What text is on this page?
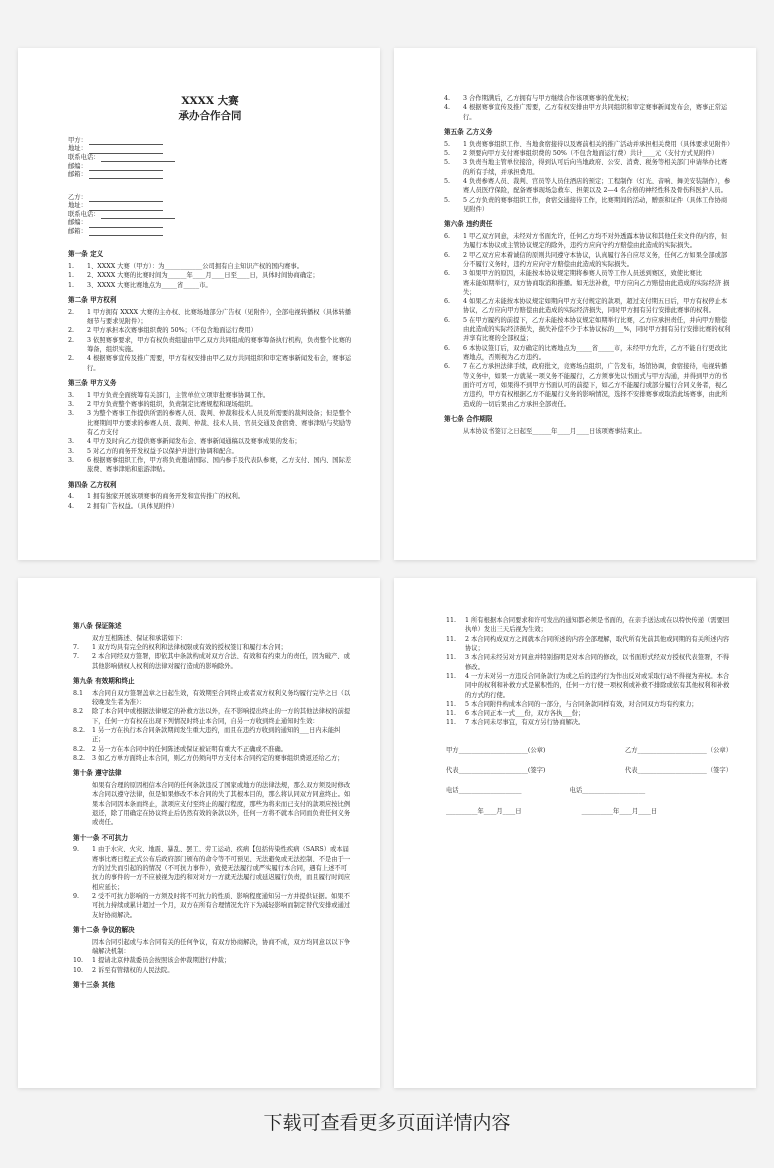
XXXX 大赛
承办合作合同
甲方：
地址：
联系电话：
邮编：
邮箱：
乙方：
地址：
联系电话：
邮编：
邮箱：
第一条 定义
1.	1、XXXX 大赛（甲方）：为____________公司拥有自主知识产权的国内赛事。
1.	2、XXXX 大赛的比赛时间为______年____月____日至____日，具体时间协商确定；
1.	3、XXXX 大赛比赛地点为_____省_____市。
第二条 甲方权利
2.	1 甲方拥有 XXXX 大赛的主办权、比赛场地部分广告权（见附件），全部电视转播权（具体转播细节与要求见附件）；
2.	2 甲方承担本次赛事组织费的 50%；（不包含地面运行费用）
2.	3 依照赛事要求，甲方有权负责组建由甲乙双方共同组成的赛事筹备执行机构，负责整个比赛的筹备，组织实施。
2.	4 根据赛事宣传及推广需要，甲方有权安排由甲乙双方共同组织和审定赛事新闻发布会，赛事运行。
第三条 甲方义务
3.	1 甲方负责全面统筹有关部门，主管单位立项审批赛事协调工作。
3.	2 甲方负责整个赛事的组织，负责制定比赛规程和现场组织。
3.	3 为整个赛事工作提供所需的参赛人员、裁判、仲裁和技术人员及所需要的裁判设备；但是整个比赛期间甲方要求的参赛人员、裁判、仲裁、技术人员、官员交通及食宿费、赛事津贴与奖励等有乙方支付
3.	4 甲方及时向乙方提供赛事新闻发布会、赛事新闻通稿以及赛事成果的发布；
3.	5 对乙方的商务开发权益予以保护并进行协调和配合。
3.	6 根据赛事组织工作，甲方将负责邀请国际、国内参手及代表队参赛，乙方支付、国内、国际差旅费、赛事津贴和旅游津贴。
第四条 乙方权利
4.	1 拥有独家开展该项赛事的商务开发和宣传推广的权利。
4.	2 拥有广告权益。（具体见附件）
4.	3 合作期满后，乙方拥有与甲方继续合作该项赛事的优先权；
4.	4 根据赛事宣传及推广需要，乙方有权安排由甲方共同组织和审定赛事新闻发布会，赛事正常运行。
第五条 乙方义务
5.	1 负责赛事组织工作、当地食宿接待以及赛前相关的推广活动并承担相关费用（具体要求见附件）
5.	2 须要向甲方支付赛事组织费的 50%（不包含地面运行费）共计____元（支付方式见附件）
5.	3 负责当地主管单位接洽，得到认可后向当地政府、公安、消费、税务等相关部门申请举办比赛的所有手续，并承担费用。
5.	4 负责参赛人员、裁判、官员等人员住酒店的预定；工程制作（灯光、音响、舞美安装制作），参赛人员医疗保险，配备赛事现场急救车、担架以及 2—4 名合格的神经性科及骨伤科医护人员。
5.	5 乙方负责的赛事组织工作，食宿交通接待工作，比赛期间的活动，赠票和证件（具体工作协商见附件）
第六条 违约责任
6.	1 甲乙双方同意，未经对方书面允许，任何乙方均不对外透露本协议和其他任来文件的内容，但为履行本协议或主管协议规定的除外，违约方应向守约方赔偿由此造成的实际损失。
6.	2 甲乙双方应本着诚信的原则共同遵守本协议，认真履行各自应尽义务，任何乙方如果全部或部分不履行义务时，违约方应向守方赔偿由此造成的实际损失。
6.	3 如果甲方的原因，未能按本协议规定期将参赛人员等工作人员送到赛区，致使比赛比
赛未能如期举行，双方协商取消和推播。如无法补救，甲方应向乙方赔偿由此造成的实际经济 损失；
6.	4 如果乙方未能按本协议规定如期向甲方支付规定的款项，超过支付期五日后，甲方有权停止本协议，乙方应向甲方赔偿由此造成的实际经济损失，同时甲方拥有另行安排此赛事的权利。
6.	5 在甲方履约的前提下，乙方未能按本协议规定如期举行比赛，乙方应承担责任，并向甲方赔偿由此造成的实际经济损失，损失补偿不少于本协议标的___%，同时甲方拥有另行安排比赛的权利并享有比赛的全部权益；
6.	6 本协议签订后，双方确定的比赛地点为_____省_____市，未经甲方允许，乙方不能自行更改比赛地点，否则视为乙方违约。
6.	7 在乙方承担法律手续，政府批文，竞赛场点组织，广告发布，场馆协调，食宿接待，电视转播等义务中，如果一方就某一项义务不能履行，乙方须事先以书面式与甲方沟通，并得到甲方的书面许可方可，如果得不到甲方书面认可的前提下，如乙方不能履行或部分履行合同义务者，视乙方违约，甲方有权根据乙方不能履行义务的影响情况，选择不安排赛事或取消此场赛事，由此所造成的一切后果由乙方承担全部责任。
第七条 合作期限
从本协议书签订之日起至______年____月____日该项赛事结束止。
第八条 保证陈述
双方互相陈述、保证和承诺如下：
7.	1 双方均具有完全的权利和法律权限或有效的授权签订和履行本合同；
7.	2 本合同经双方签署，即依其中条款构成对双方合法、有效和有约束力的责任，因为破产、或其他影响债权人权利的法律对履行造成的影响除外。
第九条 有效期和终止
8.1	本合同自双方签署盖章之日起生效，有效期至合同终止或者双方权利义务均履行完毕之日（以较晚发生者为准）：
8.2	除了本合同中或根据法律规定的补救方法以外，在不影响提出终止的一方的其他法律权的前提下，任何一方有权在出现下列情况时终止本合同，自另一方收到终止通知时生效：
8.2.	1 另一方在执行本合同条款期间发生重大违约，而且在违约方收到的通知的___日内未能纠正；
8.2.	2 另一方在本合同中的任何陈述或保证被证明有重大不正确或不准确。
8.2.	3 如乙方单方面终止本合同，则乙方仍须向甲方支付本合同约定的赛事组织费返还给乙方；
第十条 遵守法律
如果有合理的原因相信本合同的任何条款违反了国家或地方的法律法规，那么双方须及时修改本合同以遵守法律，但是如果修改不本合同的失了其根本目的，那么将认同双方同意终止。如果本合同因本条而终止，款项应支付至终止的履行程度，那些为将来而已支付的款项应按比例退还，除了用确定在协议终止后仍然有效的条款以外，任何一方将不就本合同而负责任何义务或责任。
第十一条 不可抗力
9.	1 由于水灾、火灾、地震、暴乱、罢工、劳工运动、疾病【包括传染性疾病（SARS）或本届赛事比赛日程正式公布后政府部门颁布的命令等不可预见、无法避免或无法控制、不是由于一方的过失而引起的的情况（不可抗力事件），致使无法履行或严实履行本合同，遇有上述不可抗力的事件的一方不应被视为违约和对对方一方就无法履行或延迟履行负责，而且履行时间应相应延长；
9.	2 受不可抗力影响的一方须及时将不可抗力的性质、影响程度通知另一方并提供证据。如果不可抗力持续或累计超过一个月，双方在所有合理情况允许下为减轻影响而制定替代安排或通过友好协商解决。
第十二条 争议的解决
因本合同引起或与本合同有关的任何争议，有双方协商解决，协商不成，双方均同意以以下争端解决机制：
10.	1 提请北京仲裁委员会按照该会仲裁期进行仲裁；
10.	2 诉至有管辖权的人民法院。
第十三条 其他
11.	1 所有根据本合同要求和许可发出的通知都必须是书面的，在亲手送达或在以特快传递（需要回执单）发出三天后视为生效；
11.	2 本合同构成双方之间就本合同所述的内容全部理解，取代所有先前其他或同期的有关所述内容协议；
11.	3 本合同未经另对方同意并特别指明是对本合同的修改，以书面形式经双方授权代表签署，不得修改。
11.	4 一方未对另一方违反合同条款行为或之后的违约行为作出反对或采取行动不得视为弃权。本合同中的权利和补救方式是累积性的，任何一方行使一项权利或补救不排除或依有其他权利和补救的方式的行使。
11.	5 本合同附件构成本合同的一部分，与合同条款同样有效，对合同双方均有约束力；
11.	6 本合同正本一式___份，双方各执___份；
11.	7 本合同未尽事宜，有双方另行协商解决。
甲方______________________(公章)	乙方______________________（公章）
代表______________________(签字)	代表______________________（签字）
电话____________________	电话____________________
__________年____月____日	__________年____月____日
下载可查看更多页面详情内容
